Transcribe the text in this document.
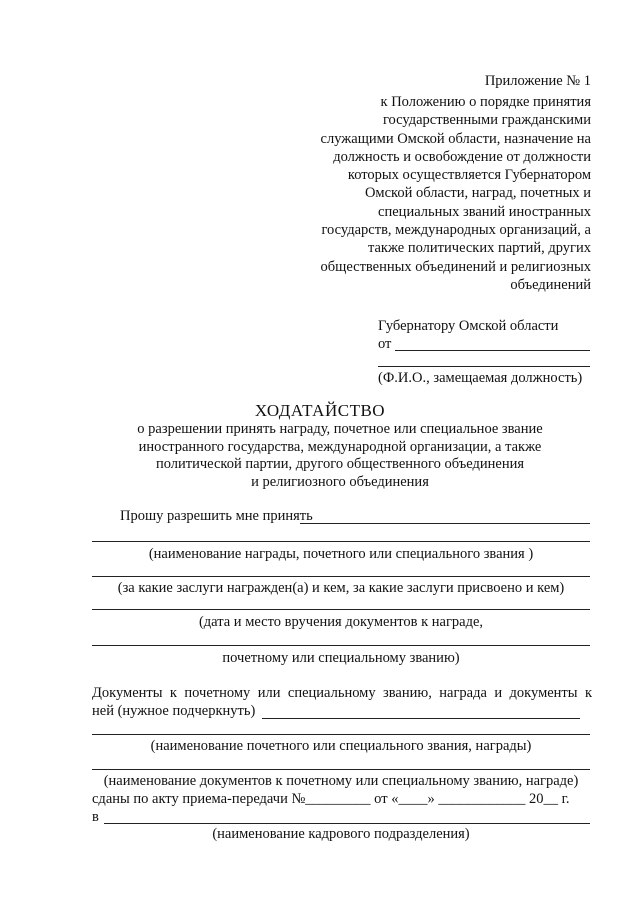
Приложение № 1
к Положению о порядке принятия
государственными гражданскими
служащими Омской области, назначение на
должность и освобождение от должности
которых осуществляется Губернатором
Омской области, наград, почетных и
специальных званий иностранных
государств, международных организаций, а
также политических партий, других
общественных объединений и религиозных
объединений
Губернатору Омской области
от
(Ф.И.О., замещаемая должность)
ХОДАТАЙСТВО
о разрешении принять награду, почетное или специальное звание
иностранного государства, международной организации, а также
политической партии, другого общественного объединения
и религиозного объединения
Прошу разрешить мне принять
(наименование награды, почетного или специального звания )
(за какие заслуги награжден(а) и кем, за какие заслуги присвоено и кем)
(дата и место вручения документов к награде,
почетному или специальному званию)
Документы к почетному или специальному званию, награда и документы к
ней (нужное подчеркнуть)
(наименование почетного или специального звания, награды)
(наименование документов к почетному или специальному званию, награде)
сданы по акту приема-передачи №_________ от «____» ____________ 20__ г.
в
(наименование кадрового подразделения)
